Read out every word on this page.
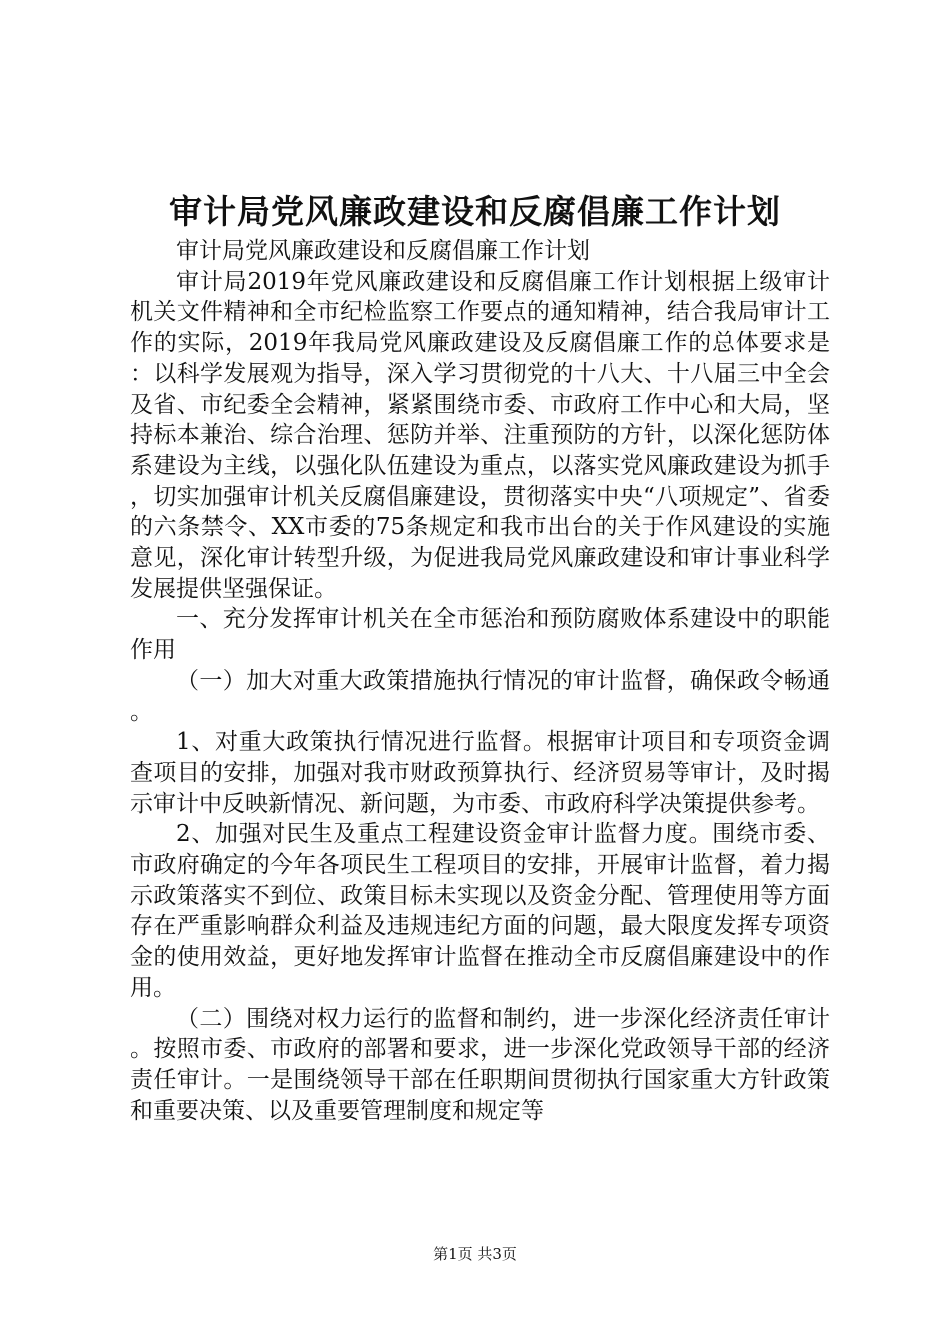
审计局党风廉政建设和反腐倡廉工作计划

审计局党风廉政建设和反腐倡廉工作计划

审计局2019年党风廉政建设和反腐倡廉工作计划根据上级审计机关文件精神和全市纪检监察工作要点的通知精神，结合我局审计工作的实际，2019年我局党风廉政建设及反腐倡廉工作的总体要求是：以科学发展观为指导，深入学习贯彻党的十八大、十八届三中全会及省、市纪委全会精神，紧紧围绕市委、市政府工作中心和大局，坚持标本兼治、综合治理、惩防并举、注重预防的方针，以深化惩防体系建设为主线，以强化队伍建设为重点，以落实党风廉政建设为抓手，切实加强审计机关反腐倡廉建设，贯彻落实中央“八项规定”、省委的六条禁令、XX市委的75条规定和我市出台的关于作风建设的实施意见，深化审计转型升级，为促进我局党风廉政建设和审计事业科学发展提供坚强保证。

一、充分发挥审计机关在全市惩治和预防腐败体系建设中的职能作用

（一）加大对重大政策措施执行情况的审计监督，确保政令畅通。

1、对重大政策执行情况进行监督。根据审计项目和专项资金调查项目的安排，加强对我市财政预算执行、经济贸易等审计，及时揭示审计中反映新情况、新问题，为市委、市政府科学决策提供参考。

2、加强对民生及重点工程建设资金审计监督力度。围绕市委、市政府确定的今年各项民生工程项目的安排，开展审计监督，着力揭示政策落实不到位、政策目标未实现以及资金分配、管理使用等方面存在严重影响群众利益及违规违纪方面的问题，最大限度发挥专项资金的使用效益，更好地发挥审计监督在推动全市反腐倡廉建设中的作用。

（二）围绕对权力运行的监督和制约，进一步深化经济责任审计。按照市委、市政府的部署和要求，进一步深化党政领导干部的经济责任审计。一是围绕领导干部在任职期间贯彻执行国家重大方针政策和重要决策、以及重要管理制度和规定等

第1页 共3页
